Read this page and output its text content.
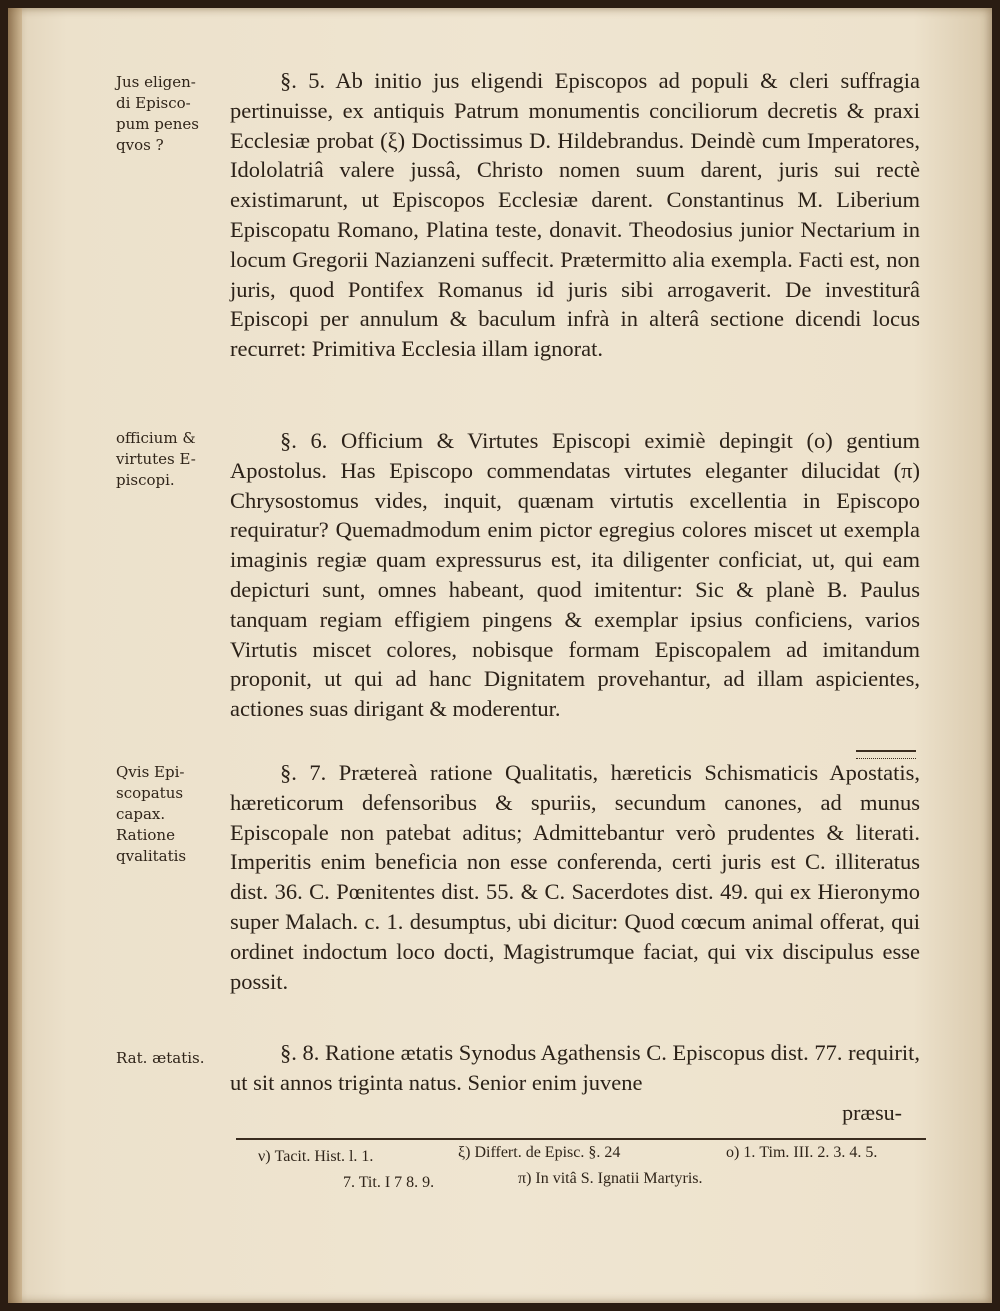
Jus eligen-
di Episco-
pum penes
qvos ?
officium &
virtutes E-
piscopi.
Qvis Epi-
scopatus
capax.
Ratione
qvalitatis
Rat. ætatis.
§. 5. Ab initio jus eligendi Episcopos ad populi & cleri suffragia pertinuisse, ex antiquis Patrum monumentis conciliorum decretis & praxi Ecclesiæ probat (ξ) Doctissimus D. Hildebrandus. Deindè cum Imperatores, Idololatriâ valere jussâ, Christo nomen suum darent, juris sui rectè existimarunt, ut Episcopos Ecclesiæ darent. Constantinus M. Liberium Episcopatu Romano, Platina teste, donavit. Theodosius junior Nectarium in locum Gregorii Nazianzeni suffecit. Prætermitto alia exempla. Facti est, non juris, quod Pontifex Romanus id juris sibi arrogaverit. De investiturâ Episcopi per annulum & baculum infrà in alterâ sectione dicendi locus recurret: Primitiva Ecclesia illam ignorat.
§. 6. Officium & Virtutes Episcopi eximiè depingit (ο) gentium Apostolus. Has Episcopo commendatas virtutes eleganter dilucidat (π) Chrysostomus vides, inquit, quænam virtutis excellentia in Episcopo requiratur? Quemadmodum enim pictor egregius colores miscet ut exempla imaginis regiæ quam expressurus est, ita diligenter conficiat, ut, qui eam depicturi sunt, omnes habeant, quod imitentur: Sic & planè B. Paulus tanquam regiam effigiem pingens & exemplar ipsius conficiens, varios Virtutis miscet colores, nobisque formam Episcopalem ad imitandum proponit, ut qui ad hanc Dignitatem provehantur, ad illam aspicientes, actiones suas dirigant & moderentur.
§. 7. Prætereà ratione Qualitatis, hæreticis Schismaticis Apostatis, hæreticorum defensoribus & spuriis, secundum canones, ad munus Episcopale non patebat aditus; Admittebantur verò prudentes & literati. Imperitis enim beneficia non esse conferenda, certi juris est C. illiteratus dist. 36. C. Pœnitentes dist. 55. & C. Sacerdotes dist. 49. qui ex Hieronymo super Malach. c. 1. desumptus, ubi dicitur: Quod cœcum animal offerat, qui ordinet indoctum loco docti, Magistrumque faciat, qui vix discipulus esse possit.
§. 8. Ratione ætatis Synodus Agathensis C. Episcopus dist. 77. requirit, ut sit annos triginta natus. Senior enim juvene
præsu-
ν) Tacit. Hist. l. 1.	ξ) Differt. de Episc. §. 24	ο) 1. Tim. III. 2. 3. 4. 5.
7. Tit. I 7 8. 9.	π) In vitâ S. Ignatii Martyris.
